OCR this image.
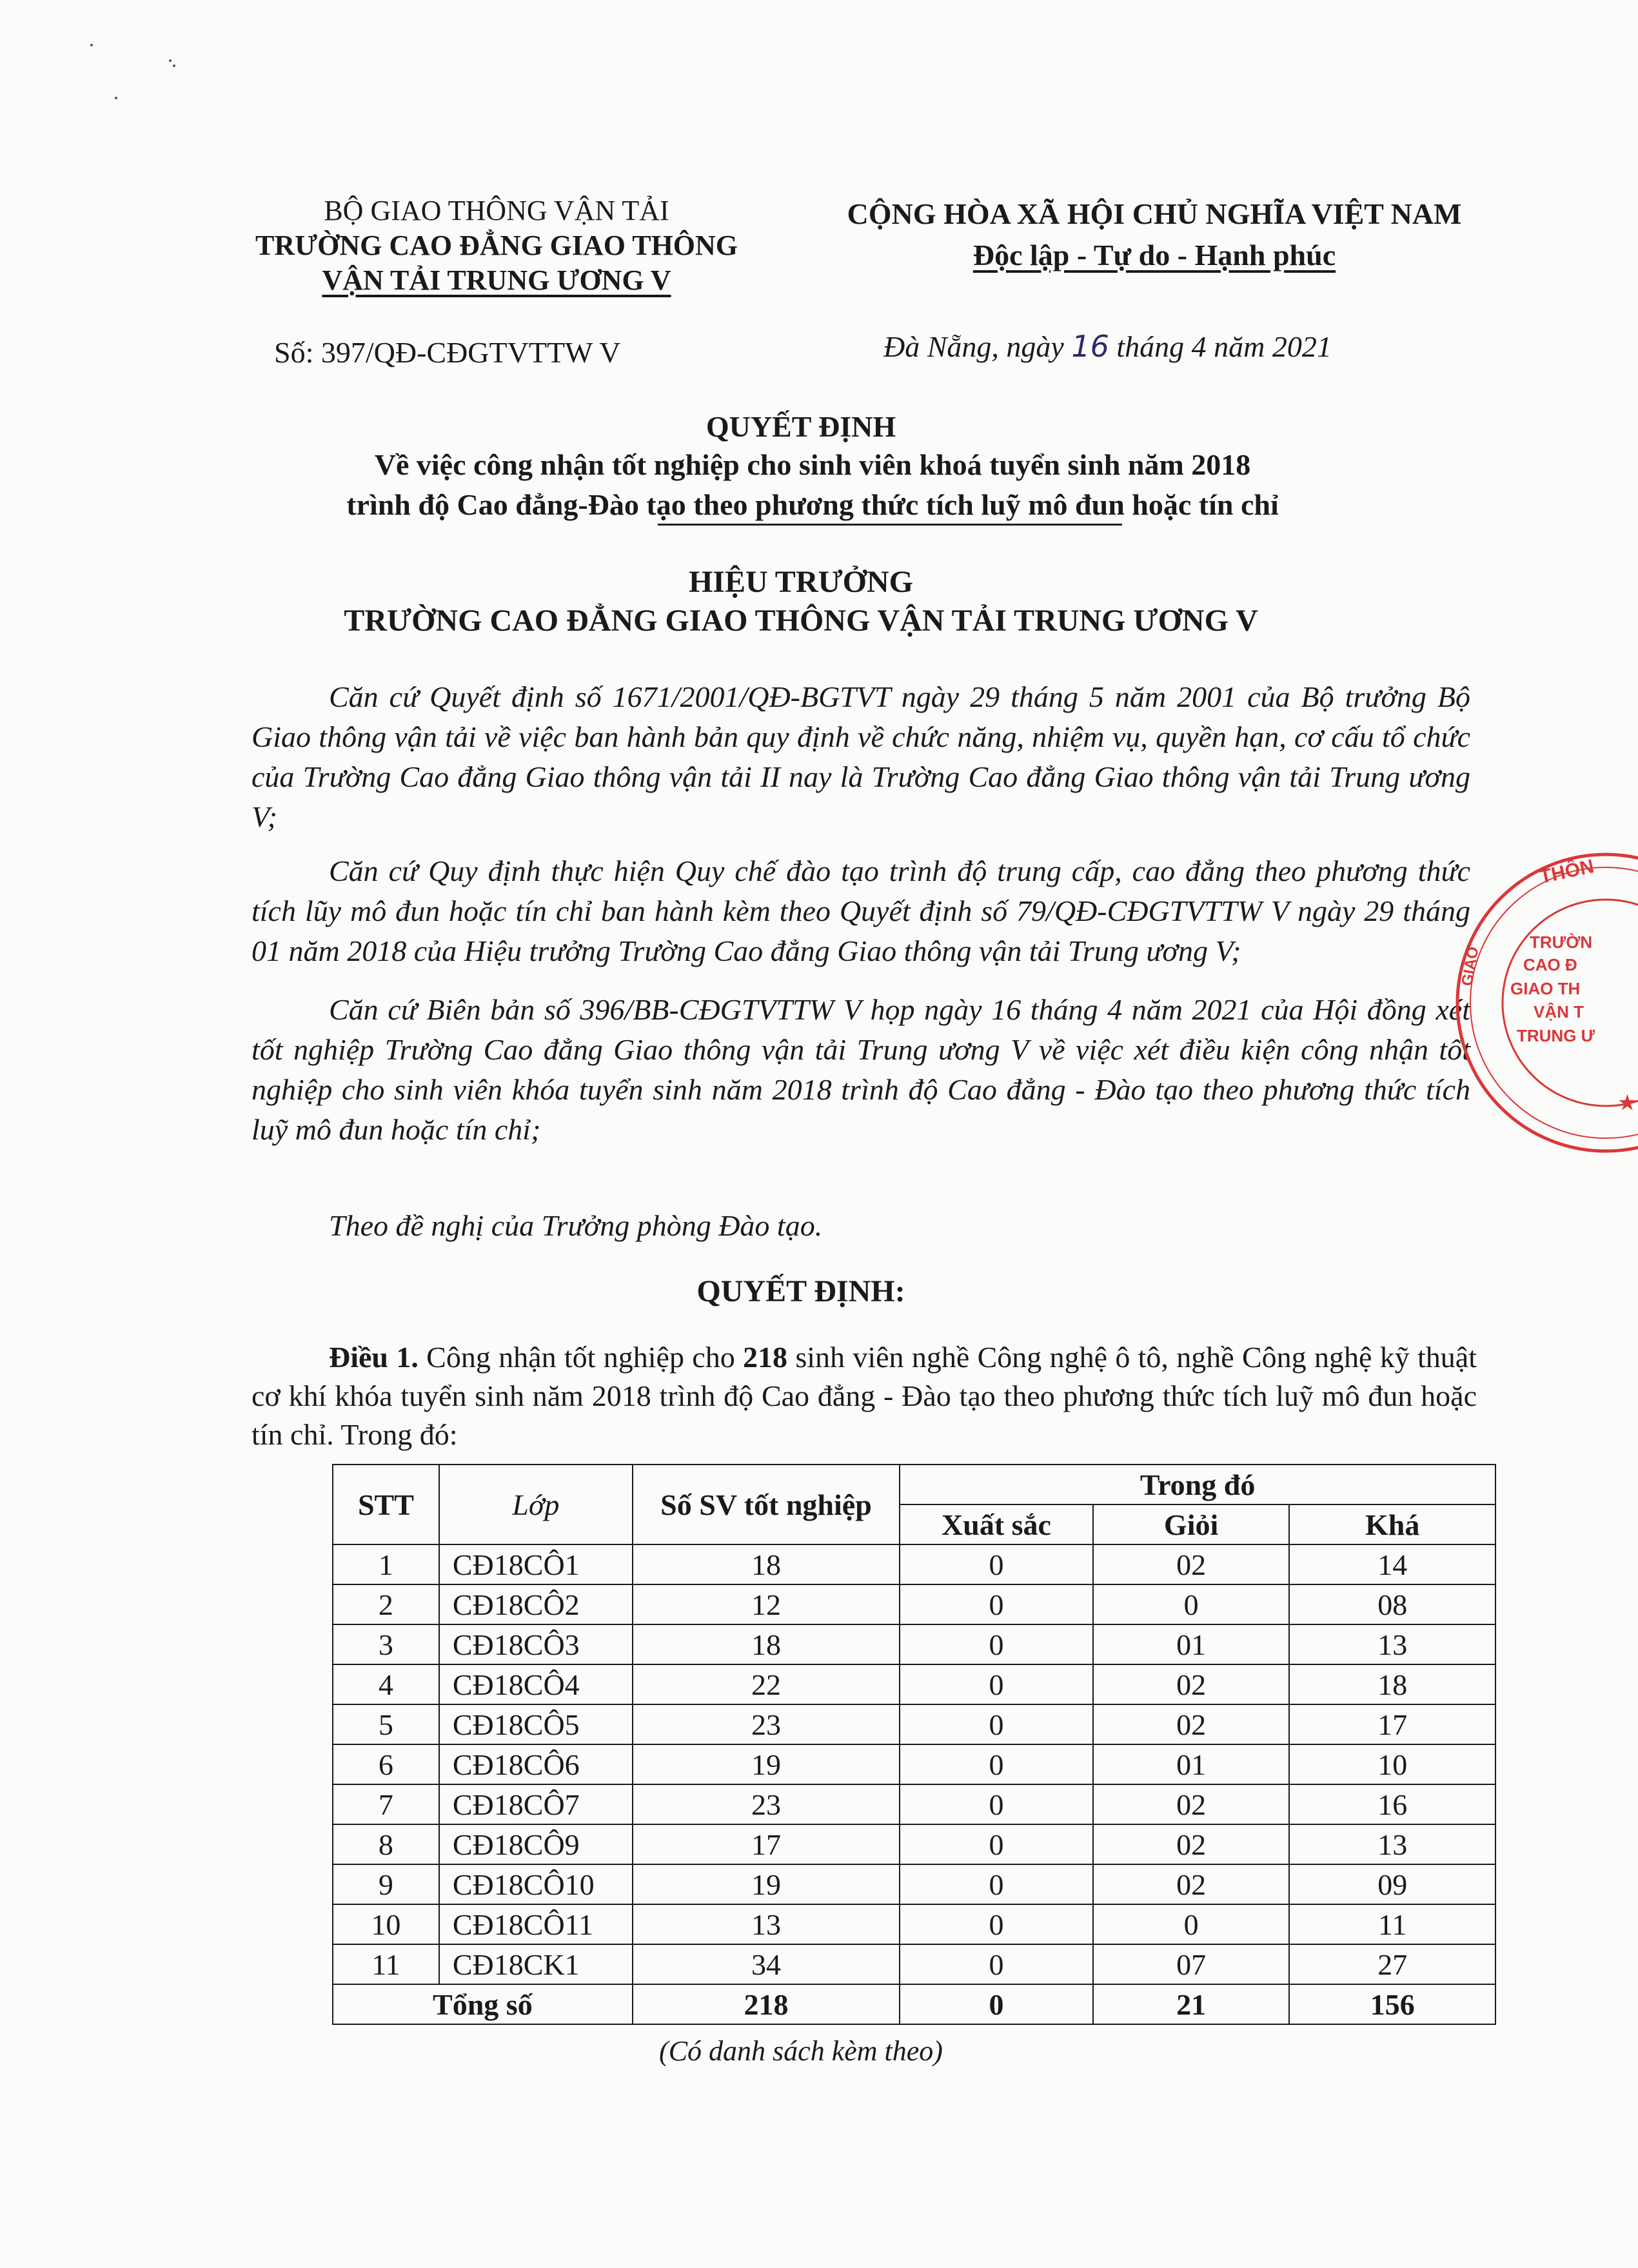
BỘ GIAO THÔNG VẬN TẢI
TRƯỜNG CAO ĐẲNG GIAO THÔNG
VẬN TẢI TRUNG ƯƠNG V
CỘNG HÒA XÃ HỘI CHỦ NGHĨA VIỆT NAM
Độc lập - Tự do - Hạnh phúc
Số: 397/QĐ-CĐGTVTTW V	Đà Nẵng, ngày 16 tháng 4 năm 2021
QUYẾT ĐỊNH
Về việc công nhận tốt nghiệp cho sinh viên khoá tuyển sinh năm 2018
trình độ Cao đẳng-Đào tạo theo phương thức tích luỹ mô đun hoặc tín chỉ
HIỆU TRƯỞNG
TRƯỜNG CAO ĐẲNG GIAO THÔNG VẬN TẢI TRUNG ƯƠNG V
Căn cứ Quyết định số 1671/2001/QĐ-BGTVT ngày 29 tháng 5 năm 2001 của Bộ trưởng Bộ Giao thông vận tải về việc ban hành bản quy định về chức năng, nhiệm vụ, quyền hạn, cơ cấu tổ chức của Trường Cao đẳng Giao thông vận tải II nay là Trường Cao đẳng Giao thông vận tải Trung ương V;
Căn cứ Quy định thực hiện Quy chế đào tạo trình độ trung cấp, cao đẳng theo phương thức tích lũy mô đun hoặc tín chỉ ban hành kèm theo Quyết định số 79/QĐ-CĐGTVTTW V ngày 29 tháng 01 năm 2018 của Hiệu trưởng Trường Cao đẳng Giao thông vận tải Trung ương V;
Căn cứ Biên bản số 396/BB-CĐGTVTTW V họp ngày 16 tháng 4 năm 2021 của Hội đồng xét tốt nghiệp Trường Cao đẳng Giao thông vận tải Trung ương V về việc xét điều kiện công nhận tốt nghiệp cho sinh viên khóa tuyển sinh năm 2018 trình độ Cao đẳng - Đào tạo theo phương thức tích luỹ mô đun hoặc tín chỉ;
Theo đề nghị của Trưởng phòng Đào tạo.
QUYẾT ĐỊNH:
Điều 1. Công nhận tốt nghiệp cho 218 sinh viên nghề Công nghệ ô tô, nghề Công nghệ kỹ thuật cơ khí khóa tuyển sinh năm 2018 trình độ Cao đẳng - Đào tạo theo phương thức tích luỹ mô đun hoặc tín chỉ. Trong đó:
STT	Lớp	Số SV tốt nghiệp	Trong đó		
			Xuất sắc	Giỏi	Khá
1	CĐ18CÔ1	18	0	02	14
2	CĐ18CÔ2	12	0	0	08
3	CĐ18CÔ3	18	0	01	13
4	CĐ18CÔ4	22	0	02	18
5	CĐ18CÔ5	23	0	02	17
6	CĐ18CÔ6	19	0	01	10
7	CĐ18CÔ7	23	0	02	16
8	CĐ18CÔ9	17	0	02	13
9	CĐ18CÔ10	19	0	02	09
10	CĐ18CÔ11	13	0	0	11
11	CĐ18CK1	34	0	07	27
Tổng số		218	0	21	156
(Có danh sách kèm theo)
THÔN
TRƯỜN
CAO Đ
GIAO TH
VẬN T
TRUNG Ư
GIAO
★
